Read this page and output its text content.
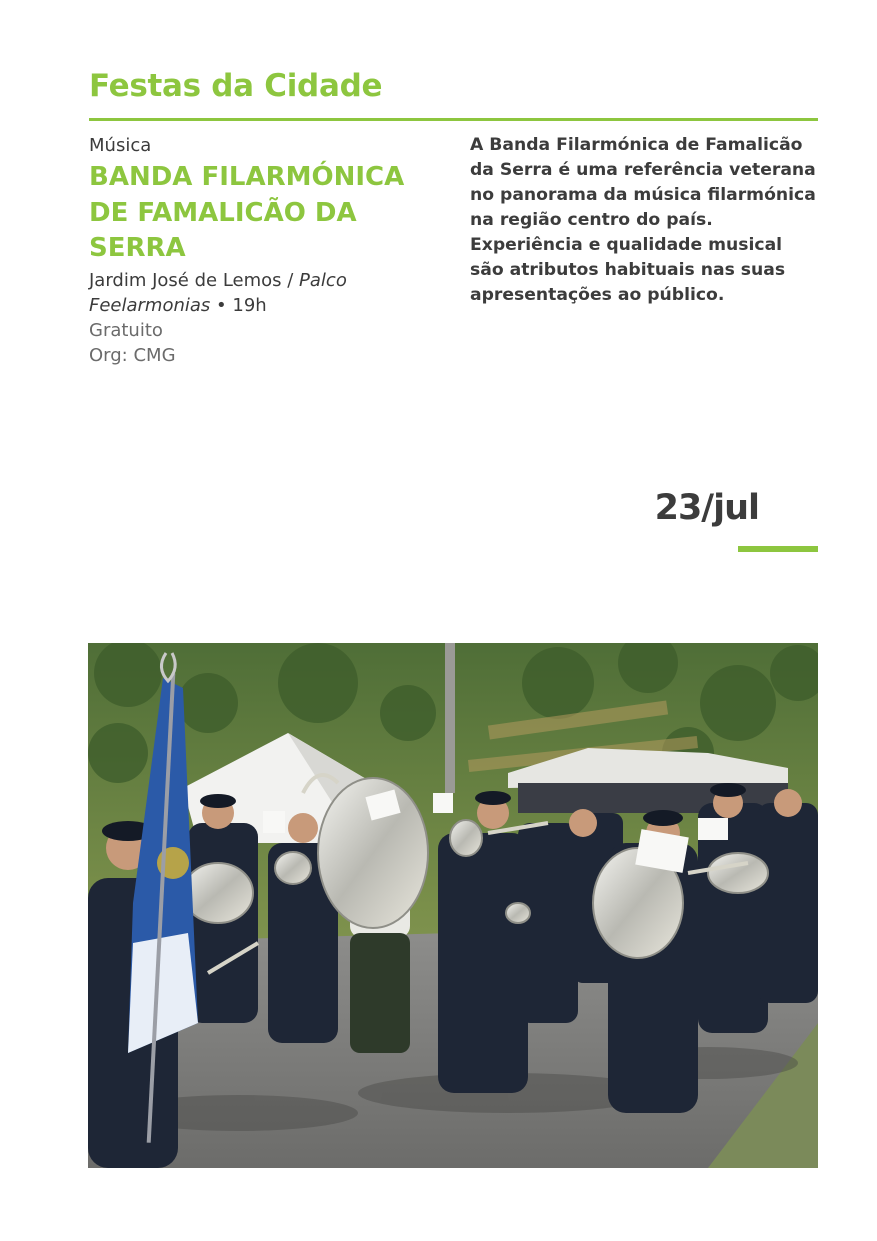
Festas da Cidade
Música
BANDA FILARMÓNICA
DE FAMALICÃO DA
SERRA
Jardim José de Lemos / Palco Feelarmonias • 19h
Gratuito
Org: CMG
A Banda Filarmónica de Famalicão da Serra é uma referência veterana no panorama da música filarmónica na região centro do país. Experiência e qualidade musical são atributos habituais nas suas apresentações ao público.
23/jul
